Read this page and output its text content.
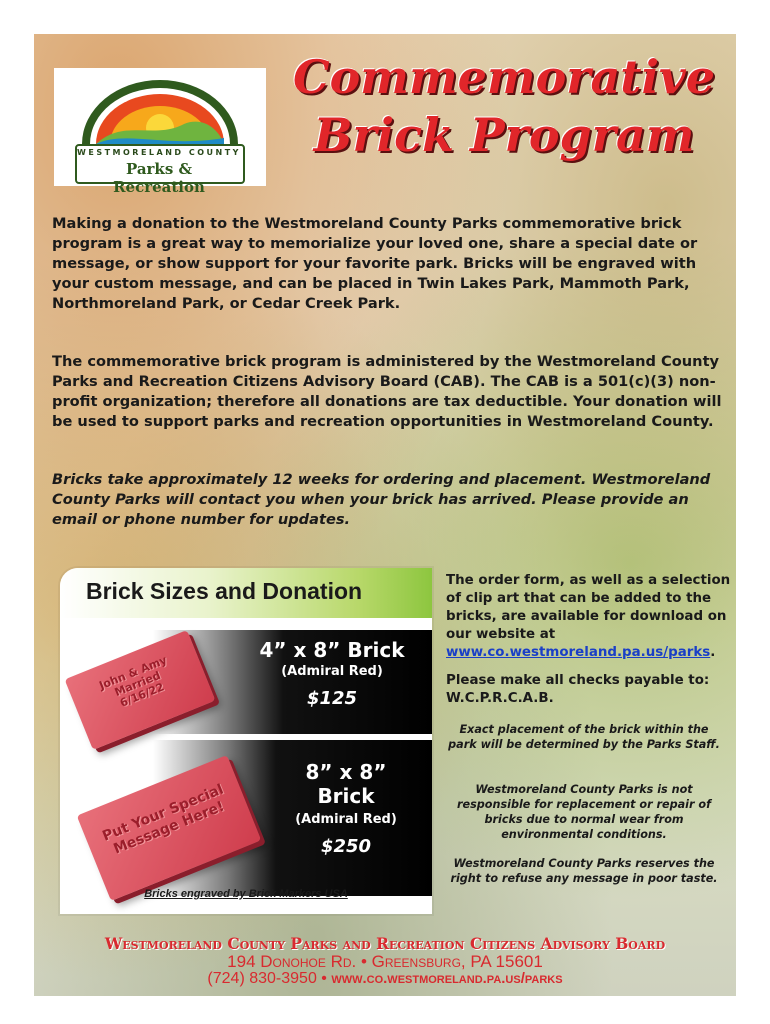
WESTMORELAND COUNTY
Parks & Recreation
Commemorative
Brick Program
Making a donation to the Westmoreland County Parks commemorative brick program is a great way to memorialize your loved one, share a special date or message, or show support for your favorite park. Bricks will be engraved with your custom message, and can be placed in Twin Lakes Park, Mammoth Park, Northmoreland Park, or Cedar Creek Park.
The commemorative brick program is administered by the Westmoreland County Parks and Recreation Citizens Advisory Board (CAB). The CAB is a 501(c)(3) non-profit organization; therefore all donations are tax deductible. Your donation will be used to support parks and recreation opportunities in Westmoreland County.
Bricks take approximately 12 weeks for ordering and placement. Westmoreland County Parks will contact you when your brick has arrived. Please provide an email or phone number for updates.
Brick Sizes and Donation
John & Amy
Married
6/16/22
4” x 8” Brick
(Admiral Red)
$125
Put Your Special
Message Here!
8” x 8”
Brick
(Admiral Red)
$250
Bricks engraved by Brick Markers USA
The order form, as well as a selection of clip art that can be added to the bricks, are available for download on our website at www.co.westmoreland.pa.us/parks.
Please make all checks payable to: W.C.P.R.C.A.B.
Exact placement of the brick within the park will be determined by the Parks Staff.
Westmoreland County Parks is not responsible for replacement or repair of bricks due to normal wear from environmental conditions.
Westmoreland County Parks reserves the right to refuse any message in poor taste.
Westmoreland County Parks and Recreation Citizens Advisory Board
194 Donohoe Rd. • Greensburg, PA 15601
(724) 830-3950 • www.co.westmoreland.pa.us/parks
